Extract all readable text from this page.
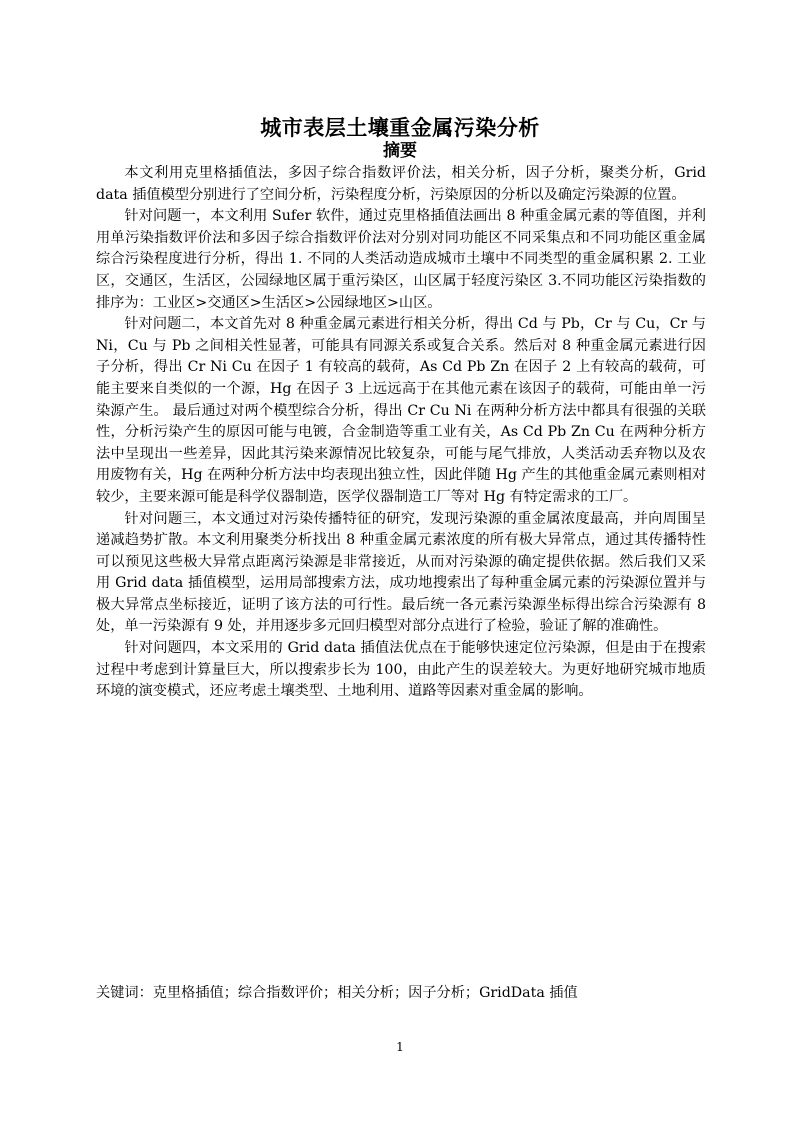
城市表层土壤重金属污染分析
摘要

本文利用克里格插值法，多因子综合指数评价法，相关分析，因子分析，聚类分析，Grid data 插值模型分别进行了空间分析，污染程度分析，污染原因的分析以及确定污染源的位置。

针对问题一，本文利用 Sufer 软件，通过克里格插值法画出 8 种重金属元素的等值图，并利用单污染指数评价法和多因子综合指数评价法对分别对同功能区不同采集点和不同功能区重金属综合污染程度进行分析，得出 1. 不同的人类活动造成城市土壤中不同类型的重金属积累 2. 工业区，交通区，生活区，公园绿地区属于重污染区，山区属于轻度污染区 3.不同功能区污染指数的排序为：工业区>交通区>生活区>公园绿地区>山区。

针对问题二，本文首先对 8 种重金属元素进行相关分析，得出 Cd 与 Pb，Cr 与 Cu，Cr 与 Ni，Cu 与 Pb 之间相关性显著，可能具有同源关系或复合关系。然后对 8 种重金属元素进行因子分析，得出 Cr Ni Cu 在因子 1 有较高的载荷，As Cd Pb Zn 在因子 2 上有较高的载荷，可能主要来自类似的一个源，Hg 在因子 3 上远远高于在其他元素在该因子的载荷，可能由单一污染源产生。 最后通过对两个模型综合分析，得出 Cr Cu Ni 在两种分析方法中都具有很强的关联性，分析污染产生的原因可能与电镀，合金制造等重工业有关，As Cd Pb Zn Cu 在两种分析方法中呈现出一些差异，因此其污染来源情况比较复杂，可能与尾气排放，人类活动丢弃物以及农用废物有关，Hg 在两种分析方法中均表现出独立性，因此伴随 Hg 产生的其他重金属元素则相对较少，主要来源可能是科学仪器制造，医学仪器制造工厂等对 Hg 有特定需求的工厂。

针对问题三，本文通过对污染传播特征的研究，发现污染源的重金属浓度最高，并向周围呈递减趋势扩散。本文利用聚类分析找出 8 种重金属元素浓度的所有极大异常点，通过其传播特性可以预见这些极大异常点距离污染源是非常接近，从而对污染源的确定提供依据。然后我们又采用 Grid data 插值模型，运用局部搜索方法，成功地搜索出了每种重金属元素的污染源位置并与极大异常点坐标接近，证明了该方法的可行性。最后统一各元素污染源坐标得出综合污染源有 8 处，单一污染源有 9 处，并用逐步多元回归模型对部分点进行了检验，验证了解的准确性。

针对问题四，本文采用的 Grid data 插值法优点在于能够快速定位污染源，但是由于在搜索过程中考虑到计算量巨大，所以搜索步长为 100，由此产生的误差较大。为更好地研究城市地质环境的演变模式，还应考虑土壤类型、土地利用、道路等因素对重金属的影响。

关键词：克里格插值；综合指数评价；相关分析；因子分析；GridData 插值

1
